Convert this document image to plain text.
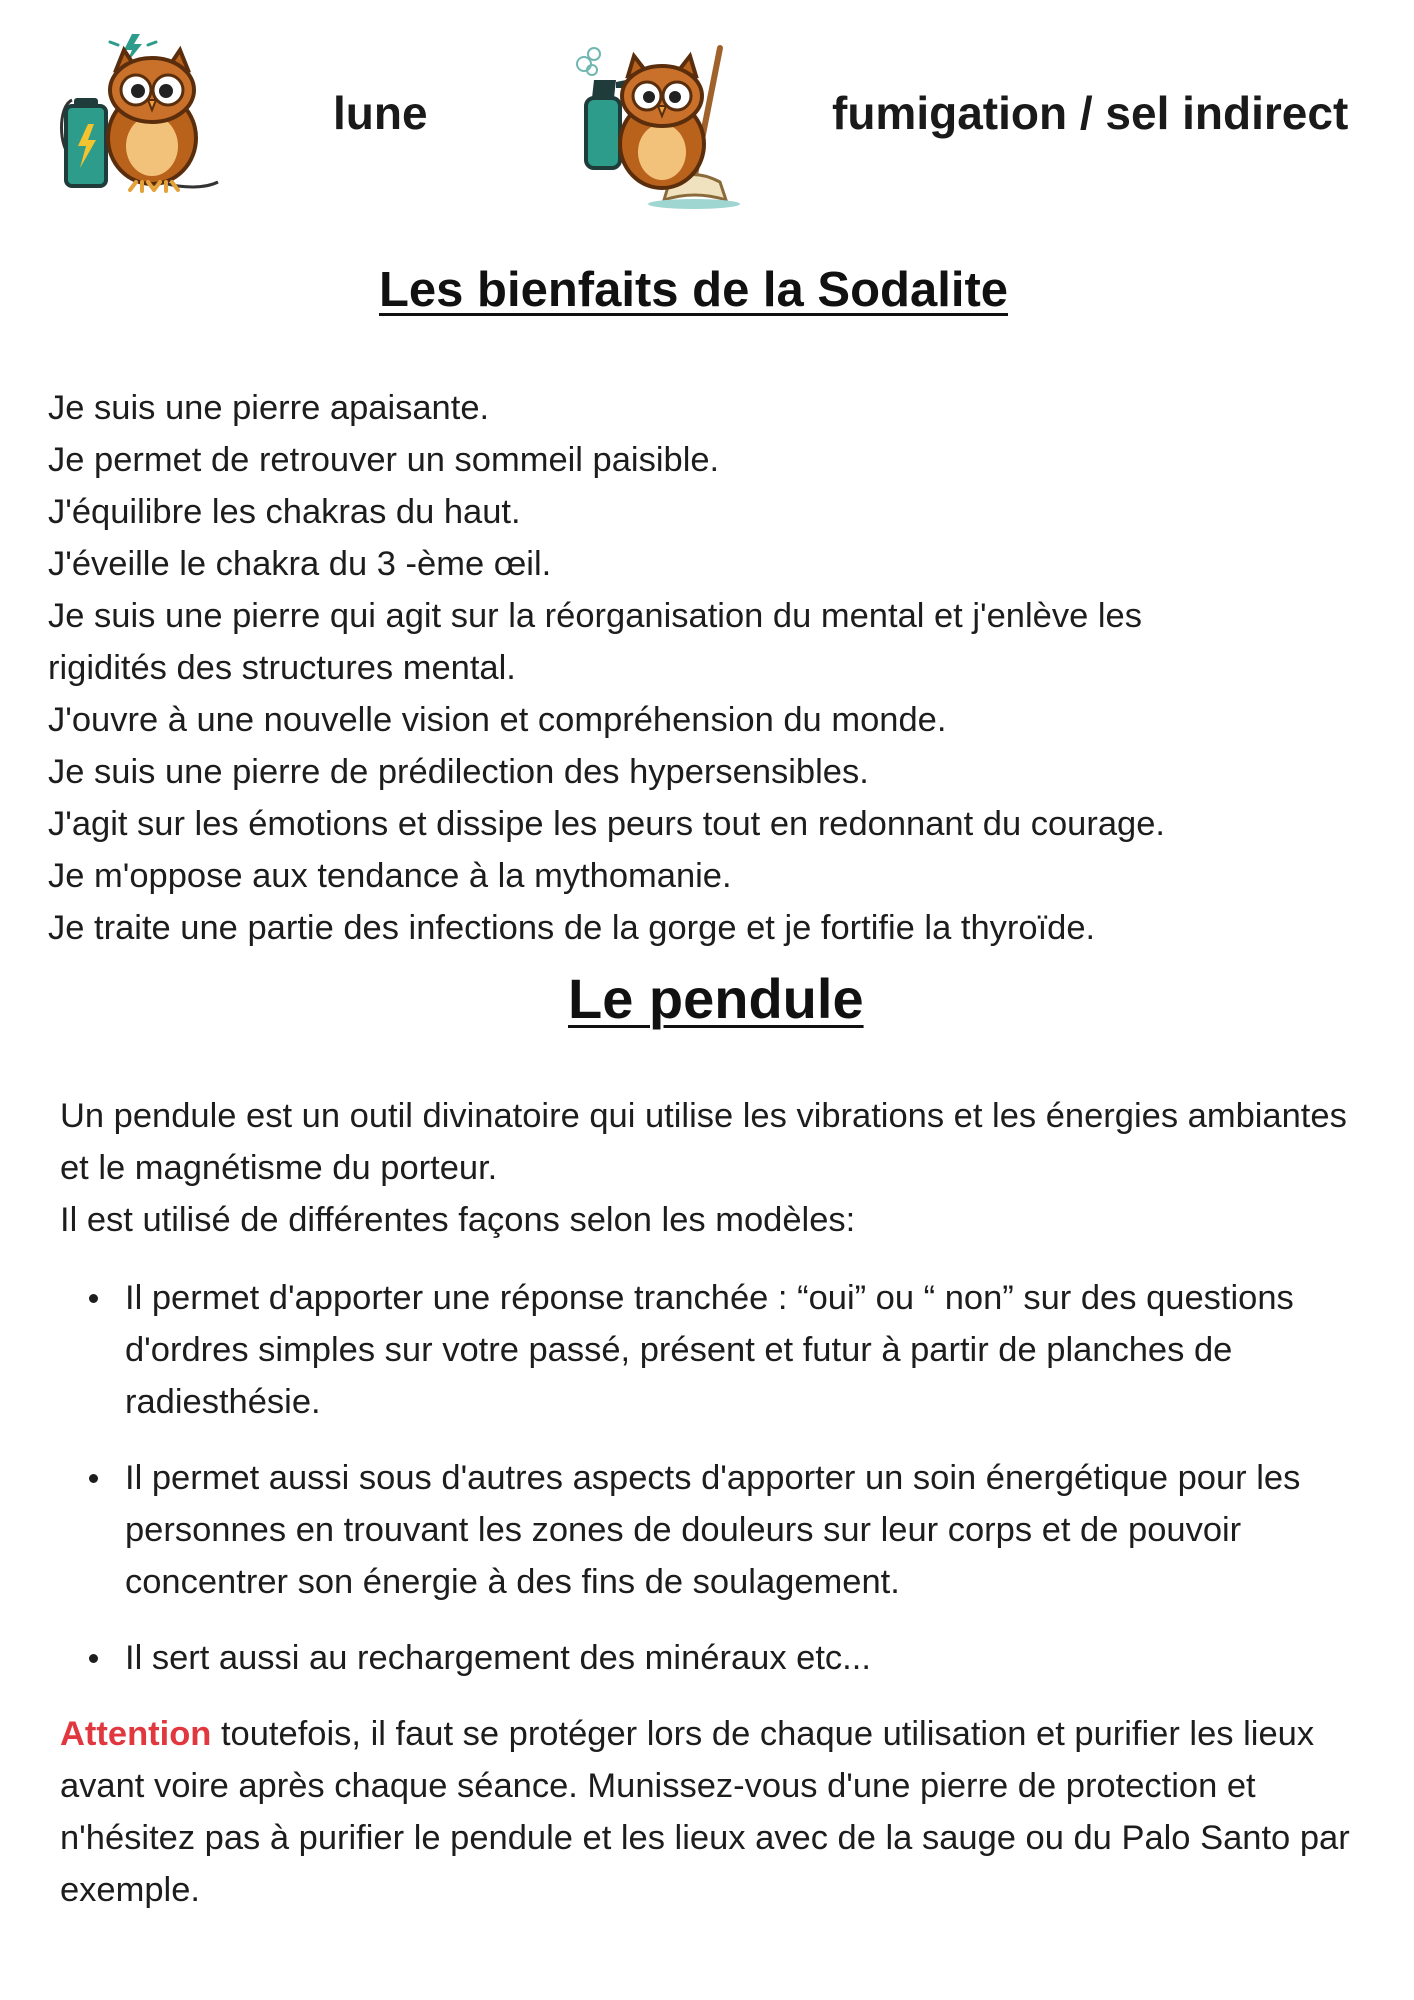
lune	fumigation / sel indirect
Les bienfaits de la Sodalite
Je suis une pierre apaisante.
Je permet de retrouver un sommeil paisible.
J'équilibre les chakras du haut.
J'éveille le chakra du 3 -ème œil.
Je suis une pierre qui agit sur la réorganisation du mental et j'enlève les
rigidités des structures mental.
J'ouvre à une nouvelle vision et compréhension du monde.
Je suis une pierre de prédilection des hypersensibles.
J'agit sur les émotions et dissipe les peurs tout en redonnant du courage.
Je m'oppose aux tendance à la mythomanie.
Je traite une partie des infections de la gorge et je fortifie la thyroïde.
Le pendule

Un pendule est un outil divinatoire qui utilise les vibrations et les énergies ambiantes et le magnétisme du porteur.

Il est utilisé de différentes façons selon les modèles:

Il permet d'apporter une réponse tranchée : “oui” ou “ non” sur des questions d'ordres simples sur votre passé, présent et futur à partir de planches de radiesthésie.
Il permet aussi sous d'autres aspects d'apporter un soin énergétique pour les personnes en trouvant les zones de douleurs sur leur corps et de pouvoir concentrer son énergie à des fins de soulagement.
Il sert aussi au rechargement des minéraux etc...

Attention toutefois, il faut se protéger lors de chaque utilisation et purifier les lieux avant voire après chaque séance. Munissez-vous d'une pierre de protection et n'hésitez pas à purifier le pendule et les lieux avec de la sauge ou du Palo Santo par exemple.
